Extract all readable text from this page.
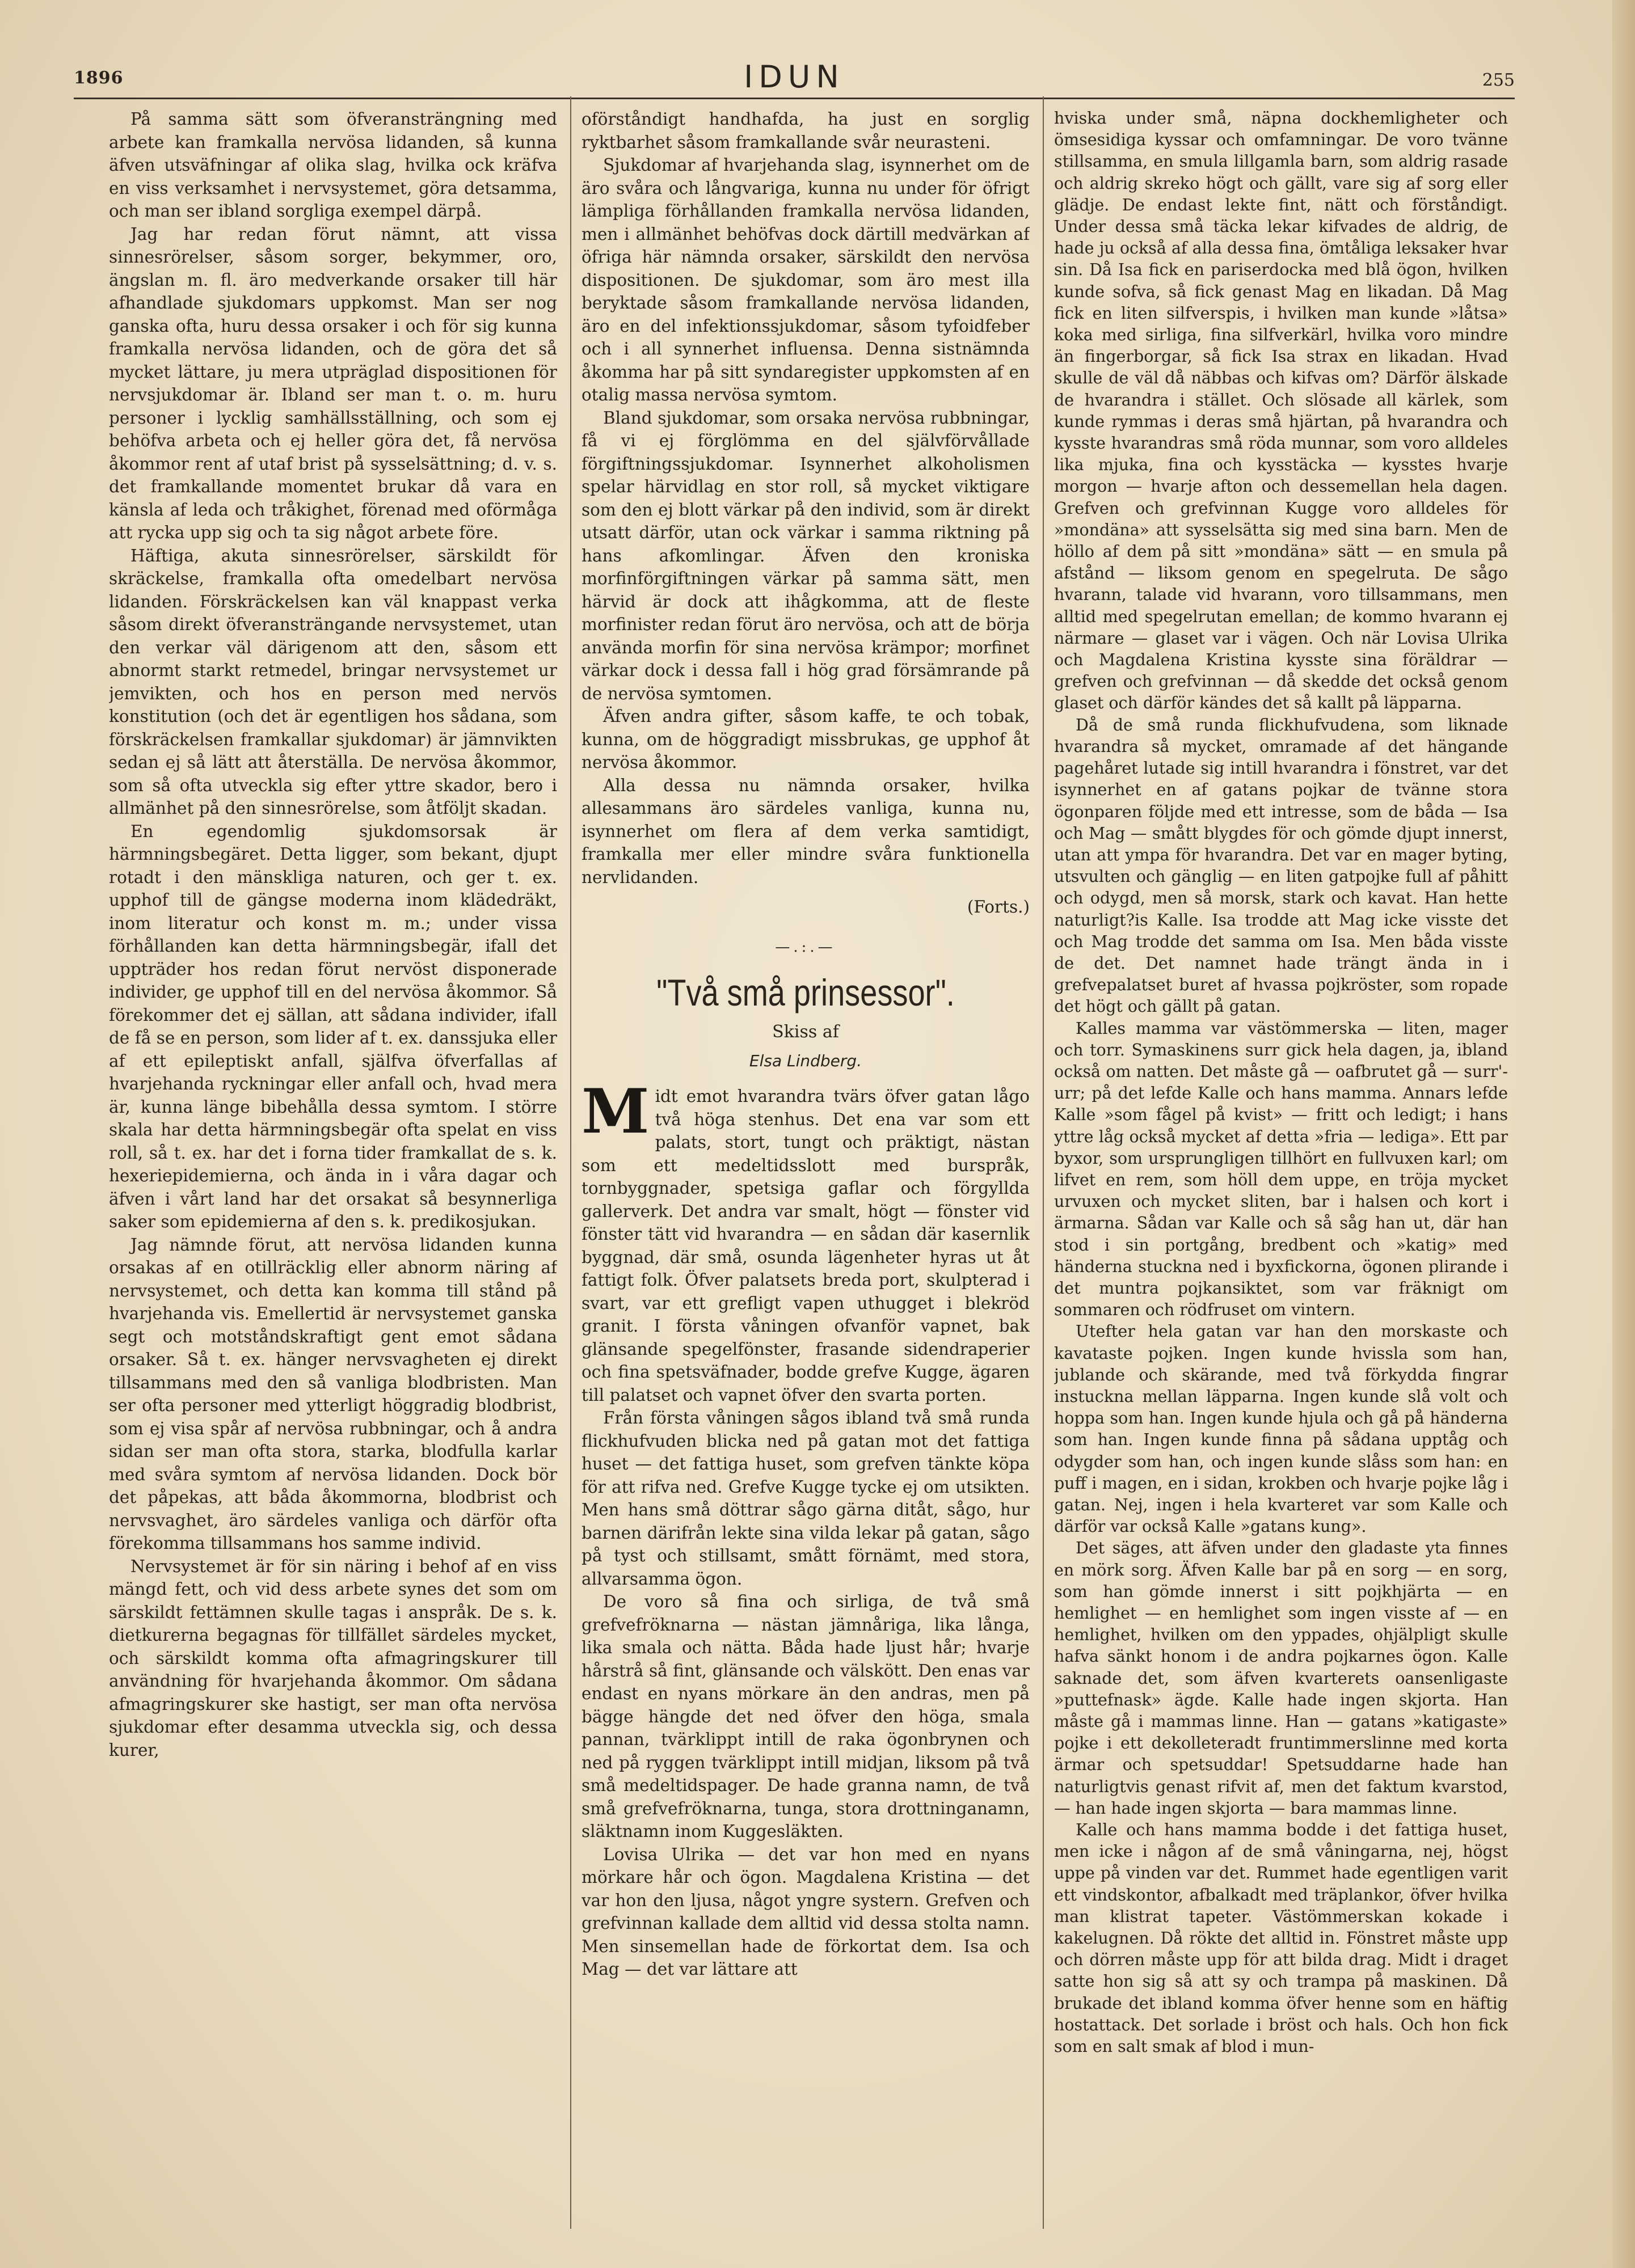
1896	IDUN	255

På samma sätt som öfveransträngning med arbete kan framkalla nervösa lidanden, så kunna äfven utsväfningar af olika slag, hvilka ock kräfva en viss verksamhet i nervsystemet, göra detsamma, och man ser ibland sorgliga exempel därpå.

Jag har redan förut nämnt, att vissa sinnesrörelser, såsom sorger, bekymmer, oro, ängslan m. fl. äro medverkande orsaker till här afhandlade sjukdomars uppkomst. Man ser nog ganska ofta, huru dessa orsaker i och för sig kunna framkalla nervösa lidanden, och de göra det så mycket lättare, ju mera utpräglad dispositionen för nervsjukdomar är. Ibland ser man t. o. m. huru personer i lycklig samhällsställning, och som ej behöfva arbeta och ej heller göra det, få nervösa åkommor rent af utaf brist på sysselsättning; d. v. s. det framkallande momentet brukar då vara en känsla af leda och tråkighet, förenad med oförmåga att rycka upp sig och ta sig något arbete före.

Häftiga, akuta sinnesrörelser, särskildt för skräckelse, framkalla ofta omedelbart nervösa lidanden. Förskräckelsen kan väl knappast verka såsom direkt öfveransträngande nervsystemet, utan den verkar väl därigenom att den, såsom ett abnormt starkt retmedel, bringar nervsystemet ur jemvikten, och hos en person med nervös konstitution (och det är egentligen hos sådana, som förskräckelsen framkallar sjukdomar) är jämnvikten sedan ej så lätt att återställa. De nervösa åkommor, som så ofta utveckla sig efter yttre skador, bero i allmänhet på den sinnesrörelse, som åtföljt skadan.

En egendomlig sjukdomsorsak är härmningsbegäret. Detta ligger, som bekant, djupt rotadt i den mänskliga naturen, och ger t. ex. upphof till de gängse moderna inom klädedräkt, inom literatur och konst m. m.; under vissa förhållanden kan detta härmningsbegär, ifall det uppträder hos redan förut nervöst disponerade individer, ge upphof till en del nervösa åkommor. Så förekommer det ej sällan, att sådana individer, ifall de få se en person, som lider af t. ex. danssjuka eller af ett epileptiskt anfall, själfva öfverfallas af hvarjehanda ryckningar eller anfall och, hvad mera är, kunna länge bibehålla dessa symtom. I större skala har detta härmningsbegär ofta spelat en viss roll, så t. ex. har det i forna tider framkallat de s. k. hexeriepidemierna, och ända in i våra dagar och äfven i vårt land har det orsakat så besynnerliga saker som epidemierna af den s. k. predikosjukan.

Jag nämnde förut, att nervösa lidanden kunna orsakas af en otillräcklig eller abnorm näring af nervsystemet, och detta kan komma till stånd på hvarjehanda vis. Emellertid är nervsystemet ganska segt och motståndskraftigt gent emot sådana orsaker. Så t. ex. hänger nervsvagheten ej direkt tillsammans med den så vanliga blodbristen. Man ser ofta personer med ytterligt höggradig blodbrist, som ej visa spår af nervösa rubbningar, och å andra sidan ser man ofta stora, starka, blodfulla karlar med svåra symtom af nervösa lidanden. Dock bör det påpekas, att båda åkommorna, blodbrist och nervsvaghet, äro särdeles vanliga och därför ofta förekomma tillsammans hos samme individ.

Nervsystemet är för sin näring i behof af en viss mängd fett, och vid dess arbete synes det som om särskildt fettämnen skulle tagas i anspråk. De s. k. dietkurerna begagnas för tillfället särdeles mycket, och särskildt komma ofta afmagringskurer till användning för hvarjehanda åkommor. Om sådana afmagringskurer ske hastigt, ser man ofta nervösa sjukdomar efter desamma utveckla sig, och dessa kurer,

oförståndigt handhafda, ha just en sorglig ryktbarhet såsom framkallande svår neurasteni.

Sjukdomar af hvarjehanda slag, isynnerhet om de äro svåra och långvariga, kunna nu under för öfrigt lämpliga förhållanden framkalla nervösa lidanden, men i allmänhet behöfvas dock därtill medvärkan af öfriga här nämnda orsaker, särskildt den nervösa dispositionen. De sjukdomar, som äro mest illa beryktade såsom framkallande nervösa lidanden, äro en del infektionssjukdomar, såsom tyfoidfeber och i all synnerhet influensa. Denna sistnämnda åkomma har på sitt syndaregister uppkomsten af en otalig massa nervösa symtom.

Bland sjukdomar, som orsaka nervösa rubbningar, få vi ej förglömma en del självförvållade förgiftningssjukdomar. Isynnerhet alkoholismen spelar härvidlag en stor roll, så mycket viktigare som den ej blott värkar på den individ, som är direkt utsatt därför, utan ock värkar i samma riktning på hans afkomlingar. Äfven den kroniska morfinförgiftningen värkar på samma sätt, men härvid är dock att ihågkomma, att de fleste morfinister redan förut äro nervösa, och att de börja använda morfin för sina nervösa krämpor; morfinet värkar dock i dessa fall i hög grad försämrande på de nervösa symtomen.

Äfven andra gifter, såsom kaffe, te och tobak, kunna, om de höggradigt missbrukas, ge upphof åt nervösa åkommor.

Alla dessa nu nämnda orsaker, hvilka allesammans äro särdeles vanliga, kunna nu, isynnerhet om flera af dem verka samtidigt, framkalla mer eller mindre svåra funktionella nervlidanden.

(Forts.)

—.:.—

"Två små prinsessor".

Skiss af

Elsa Lindberg.

Midt emot hvarandra tvärs öfver gatan lågo två höga stenhus. Det ena var som ett palats, stort, tungt och präktigt, nästan som ett medeltidsslott med burspråk, tornbyggnader, spetsiga gaflar och förgyllda gallerverk. Det andra var smalt, högt — fönster vid fönster tätt vid hvarandra — en sådan där kasernlik byggnad, där små, osunda lägenheter hyras ut åt fattigt folk. Öfver palatsets breda port, skulpterad i svart, var ett grefligt vapen uthugget i blekröd granit. I första våningen ofvanför vapnet, bak glänsande spegelfönster, frasande sidendraperier och fina spetsväfnader, bodde grefve Kugge, ägaren till palatset och vapnet öfver den svarta porten.

Från första våningen sågos ibland två små runda flickhufvuden blicka ned på gatan mot det fattiga huset — det fattiga huset, som grefven tänkte köpa för att rifva ned. Grefve Kugge tycke ej om utsikten. Men hans små döttrar sågo gärna ditåt, sågo, hur barnen därifrån lekte sina vilda lekar på gatan, sågo på tyst och stillsamt, smått förnämt, med stora, allvarsamma ögon.

De voro så fina och sirliga, de två små grefvefröknarna — nästan jämnåriga, lika långa, lika smala och nätta. Båda hade ljust hår; hvarje hårstrå så fint, glänsande och välskött. Den enas var endast en nyans mörkare än den andras, men på bägge hängde det ned öfver den höga, smala pannan, tvärklippt intill de raka ögonbrynen och ned på ryggen tvärklippt intill midjan, liksom på två små medeltidspager. De hade granna namn, de två små grefvefröknarna, tunga, stora drottninganamn, släktnamn inom Kuggesläkten.

Lovisa Ulrika — det var hon med en nyans mörkare hår och ögon. Magdalena Kristina — det var hon den ljusa, något yngre systern. Grefven och grefvinnan kallade dem alltid vid dessa stolta namn. Men sinsemellan hade de förkortat dem. Isa och Mag — det var lättare att

hviska under små, näpna dockhemligheter och ömsesidiga kyssar och omfamningar. De voro tvänne stillsamma, en smula lillgamla barn, som aldrig rasade och aldrig skreko högt och gällt, vare sig af sorg eller glädje. De endast lekte fint, nätt och förståndigt. Under dessa små täcka lekar kifvades de aldrig, de hade ju också af alla dessa fina, ömtåliga leksaker hvar sin. Då Isa fick en pariserdocka med blå ögon, hvilken kunde sofva, så fick genast Mag en likadan. Då Mag fick en liten silfverspis, i hvilken man kunde »låtsa» koka med sirliga, fina silfverkärl, hvilka voro mindre än fingerborgar, så fick Isa strax en likadan. Hvad skulle de väl då näbbas och kifvas om? Därför älskade de hvarandra i stället. Och slösade all kärlek, som kunde rymmas i deras små hjärtan, på hvarandra och kysste hvarandras små röda munnar, som voro alldeles lika mjuka, fina och kysstäcka — kysstes hvarje morgon — hvarje afton och dessemellan hela dagen. Grefven och grefvinnan Kugge voro alldeles för »mondäna» att sysselsätta sig med sina barn. Men de höllo af dem på sitt »mondäna» sätt — en smula på afstånd — liksom genom en spegelruta. De sågo hvarann, talade vid hvarann, voro tillsammans, men alltid med spegelrutan emellan; de kommo hvarann ej närmare — glaset var i vägen. Och när Lovisa Ulrika och Magdalena Kristina kysste sina föräldrar — grefven och grefvinnan — då skedde det också genom glaset och därför kändes det så kallt på läpparna.

Då de små runda flickhufvudena, som liknade hvarandra så mycket, omramade af det hängande pagehåret lutade sig intill hvarandra i fönstret, var det isynnerhet en af gatans pojkar de tvänne stora ögonparen följde med ett intresse, som de båda — Isa och Mag — smått blygdes för och gömde djupt innerst, utan att ympa för hvarandra. Det var en mager byting, utsvulten och gänglig — en liten gatpojke full af påhitt och odygd, men så morsk, stark och kavat. Han hette naturligt?is Kalle. Isa trodde att Mag icke visste det och Mag trodde det samma om Isa. Men båda visste de det. Det namnet hade trängt ända in i grefvepalatset buret af hvassa pojkröster, som ropade det högt och gällt på gatan.

Kalles mamma var västömmerska — liten, mager och torr. Symaskinens surr gick hela dagen, ja, ibland också om natten. Det måste gå — oafbrutet gå — surr'-urr; på det lefde Kalle och hans mamma. Annars lefde Kalle »som fågel på kvist» — fritt och ledigt; i hans yttre låg också mycket af detta »fria — lediga». Ett par byxor, som ursprungligen tillhört en fullvuxen karl; om lifvet en rem, som höll dem uppe, en tröja mycket urvuxen och mycket sliten, bar i halsen och kort i ärmarna. Sådan var Kalle och så såg han ut, där han stod i sin portgång, bredbent och »katig» med händerna stuckna ned i byxfickorna, ögonen plirande i det muntra pojkansiktet, som var fräknigt om sommaren och rödfruset om vintern.

Utefter hela gatan var han den morskaste och kavataste pojken. Ingen kunde hvissla som han, jublande och skärande, med två förkydda fingrar instuckna mellan läpparna. Ingen kunde slå volt och hoppa som han. Ingen kunde hjula och gå på händerna som han. Ingen kunde finna på sådana upptåg och odygder som han, och ingen kunde slåss som han: en puff i magen, en i sidan, krokben och hvarje pojke låg i gatan. Nej, ingen i hela kvarteret var som Kalle och därför var också Kalle »gatans kung».

Det säges, att äfven under den gladaste yta finnes en mörk sorg. Äfven Kalle bar på en sorg — en sorg, som han gömde innerst i sitt pojkhjärta — en hemlighet — en hemlighet som ingen visste af — en hemlighet, hvilken om den yppades, ohjälpligt skulle hafva sänkt honom i de andra pojkarnes ögon. Kalle saknade det, som äfven kvarterets oansenligaste »puttefnask» ägde. Kalle hade ingen skjorta. Han måste gå i mammas linne. Han — gatans »katigaste» pojke i ett dekolleteradt fruntimmerslinne med korta ärmar och spetsuddar! Spetsuddarne hade han naturligtvis genast rifvit af, men det faktum kvarstod, — han hade ingen skjorta — bara mammas linne.

Kalle och hans mamma bodde i det fattiga huset, men icke i någon af de små våningarna, nej, högst uppe på vinden var det. Rummet hade egentligen varit ett vindskontor, afbalkadt med träplankor, öfver hvilka man klistrat tapeter. Västömmerskan kokade i kakelugnen. Då rökte det alltid in. Fönstret måste upp och dörren måste upp för att bilda drag. Midt i draget satte hon sig så att sy och trampa på maskinen. Då brukade det ibland komma öfver henne som en häftig hostattack. Det sorlade i bröst och hals. Och hon fick som en salt smak af blod i mun-
